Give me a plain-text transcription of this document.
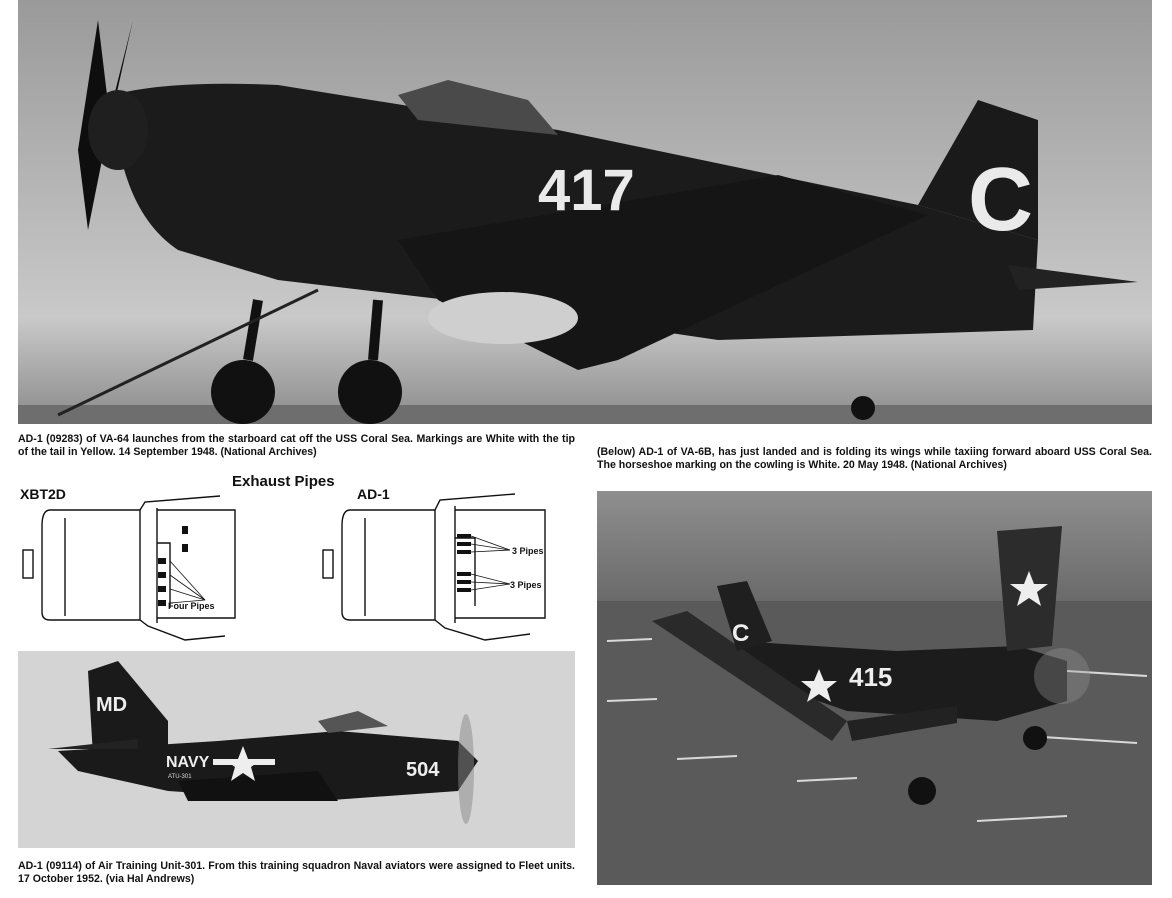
417	C
AD-1 (09283) of VA-64 launches from the starboard cat off the USS Coral Sea. Markings are White with the tip of the tail in Yellow. 14 September 1948. (National Archives)	(Below) AD-1 of VA-6B, has just landed and is folding its wings while taxiing forward aboard USS Coral Sea. The horseshoe marking on the cowling is White. 20 May 1948. (National Archives)
Exhaust Pipes
XBT2D	AD-1
Four Pipes
3 Pipes
3 Pipes
MD
NAVY
ATU-301	504
AD-1 (09114) of Air Training Unit-301. From this training squadron Naval aviators were assigned to Fleet units. 17 October 1952. (via Hal Andrews)
C
415
